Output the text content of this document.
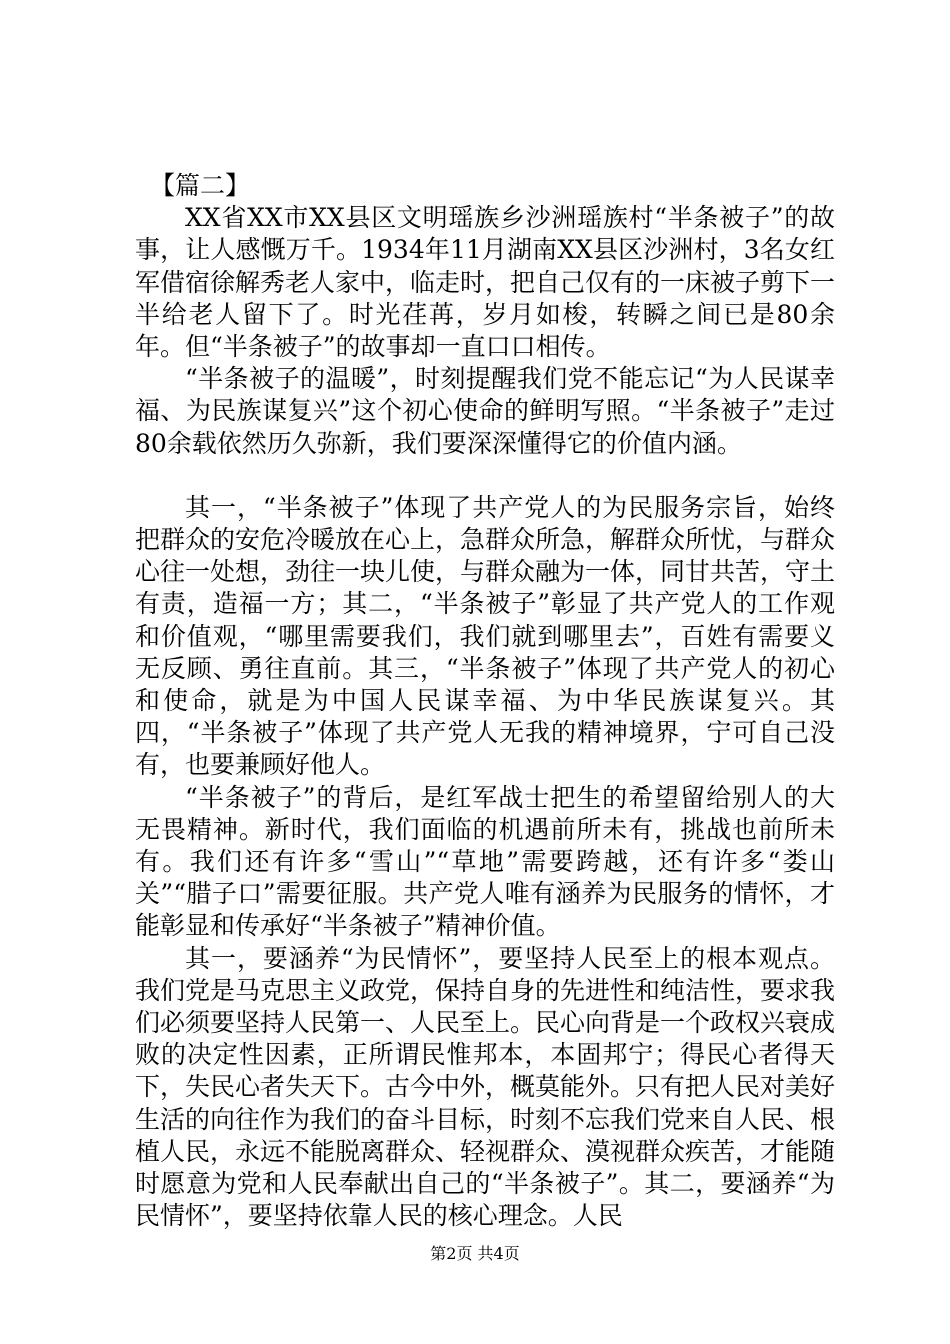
【篇二】

XX省XX市XX县区文明瑶族乡沙洲瑶族村“半条被子”的故事，让人感慨万千。1934年11月湖南XX县区沙洲村，3名女红军借宿徐解秀老人家中，临走时，把自己仅有的一床被子剪下一半给老人留下了。时光荏苒，岁月如梭，转瞬之间已是80余年。但“半条被子”的故事却一直口口相传。

“半条被子的温暖”，时刻提醒我们党不能忘记“为人民谋幸福、为民族谋复兴”这个初心使命的鲜明写照。“半条被子”走过80余载依然历久弥新，我们要深深懂得它的价值内涵。

其一，“半条被子”体现了共产党人的为民服务宗旨，始终把群众的安危冷暖放在心上，急群众所急，解群众所忧，与群众心往一处想，劲往一块儿使，与群众融为一体，同甘共苦，守土有责，造福一方；其二，“半条被子”彰显了共产党人的工作观和价值观，“哪里需要我们，我们就到哪里去”，百姓有需要义无反顾、勇往直前。其三，“半条被子”体现了共产党人的初心和使命，就是为中国人民谋幸福、为中华民族谋复兴。其四，“半条被子”体现了共产党人无我的精神境界，宁可自己没有，也要兼顾好他人。

“半条被子”的背后，是红军战士把生的希望留给别人的大无畏精神。新时代，我们面临的机遇前所未有，挑战也前所未有。我们还有许多“雪山”“草地”需要跨越，还有许多“娄山关”“腊子口”需要征服。共产党人唯有涵养为民服务的情怀，才能彰显和传承好“半条被子”精神价值。

其一，要涵养“为民情怀”，要坚持人民至上的根本观点。我们党是马克思主义政党，保持自身的先进性和纯洁性，要求我们必须要坚持人民第一、人民至上。民心向背是一个政权兴衰成败的决定性因素，正所谓民惟邦本，本固邦宁；得民心者得天下，失民心者失天下。古今中外，概莫能外。只有把人民对美好生活的向往作为我们的奋斗目标，时刻不忘我们党来自人民、根植人民，永远不能脱离群众、轻视群众、漠视群众疾苦，才能随时愿意为党和人民奉献出自己的“半条被子”。其二，要涵养“为民情怀”，要坚持依靠人民的核心理念。人民

第2页 共4页
